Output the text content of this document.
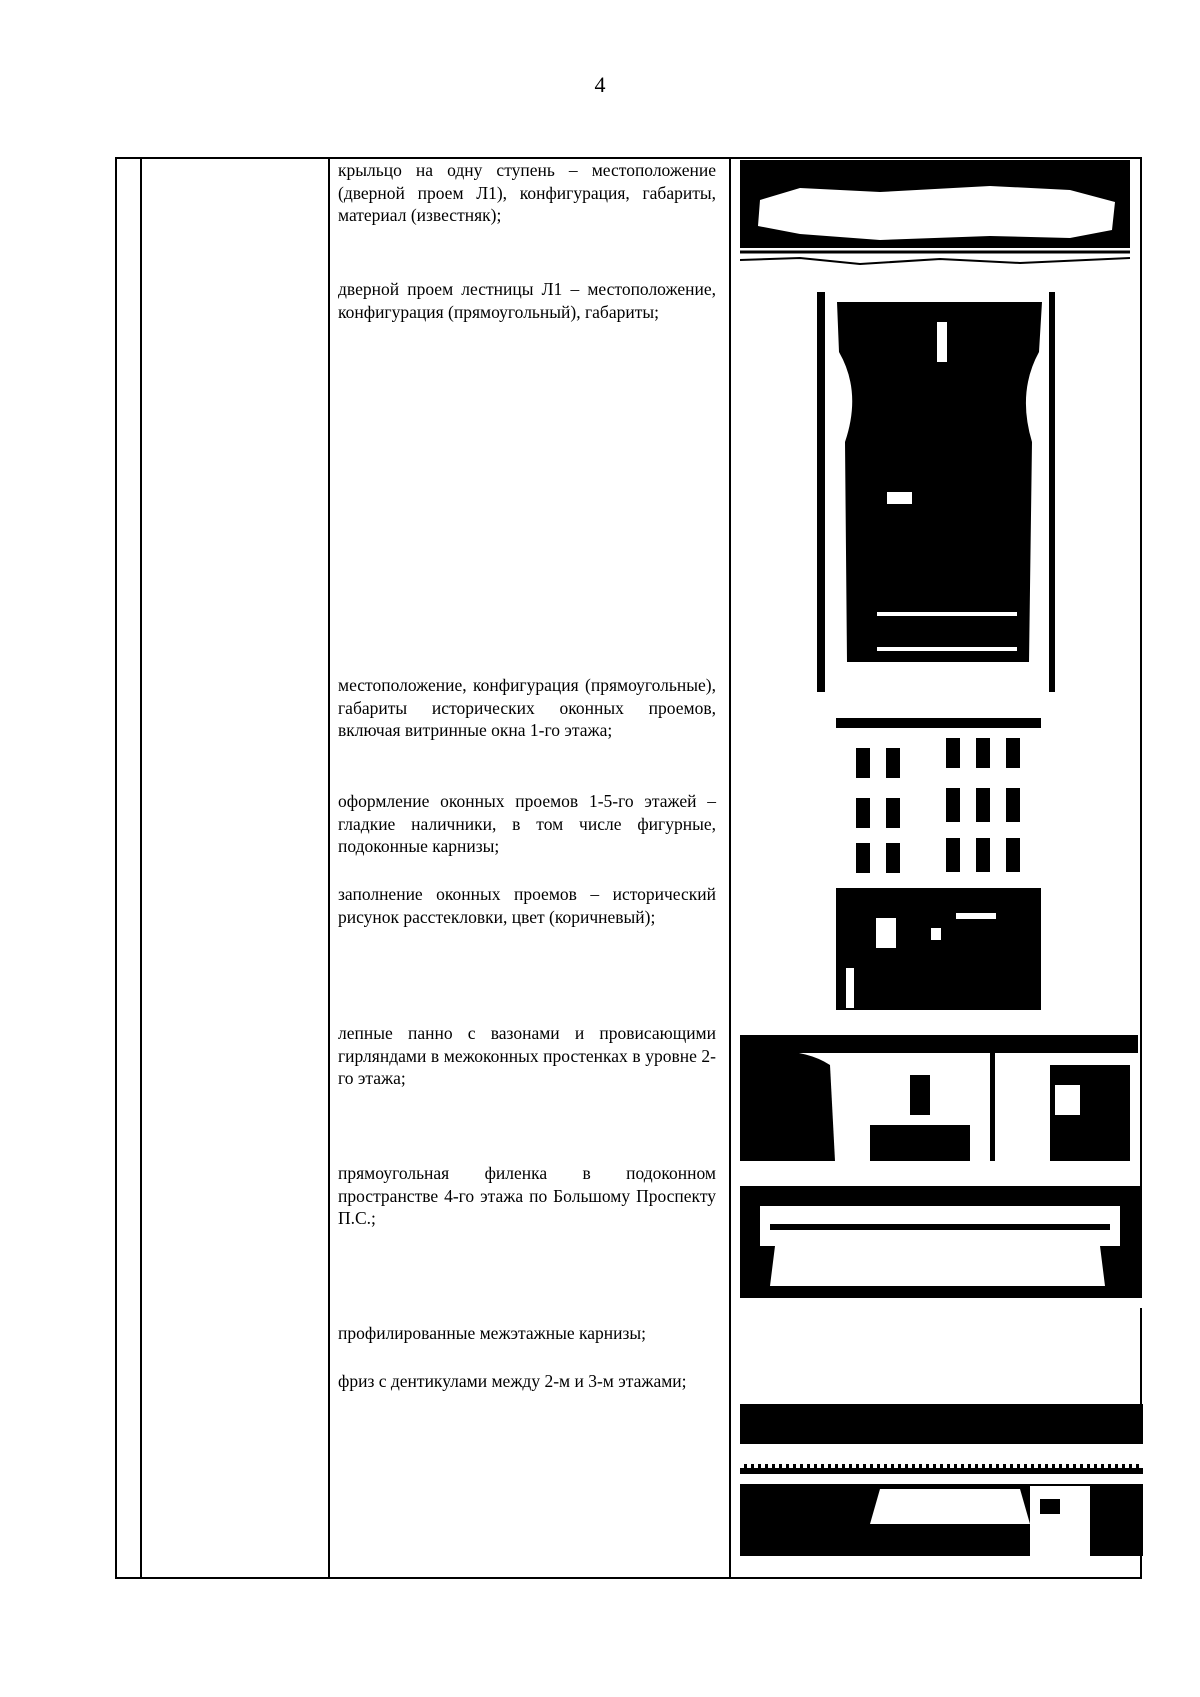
4
крыльцо на одну ступень – местоположение (дверной проем Л1), конфигурация, габариты, материал (известняк);
дверной проем лестницы Л1 – местоположение, конфигурация (прямоугольный), габариты;
местоположение, конфигурация (прямоугольные), габариты исторических оконных проемов, включая витринные окна 1-го этажа;
оформление оконных проемов 1-5-го этажей – гладкие наличники, в том числе фигурные, подоконные карнизы;
заполнение оконных проемов – исторический рисунок расстекловки, цвет (коричневый);
лепные панно с вазонами и провисающими гирляндами в межоконных простенках в уровне 2-го этажа;
прямоугольная филенка в подоконном пространстве 4-го этажа по Большому Проспекту П.С.;
профилированные межэтажные карнизы;
фриз с дентикулами между 2-м и 3-м этажами;
